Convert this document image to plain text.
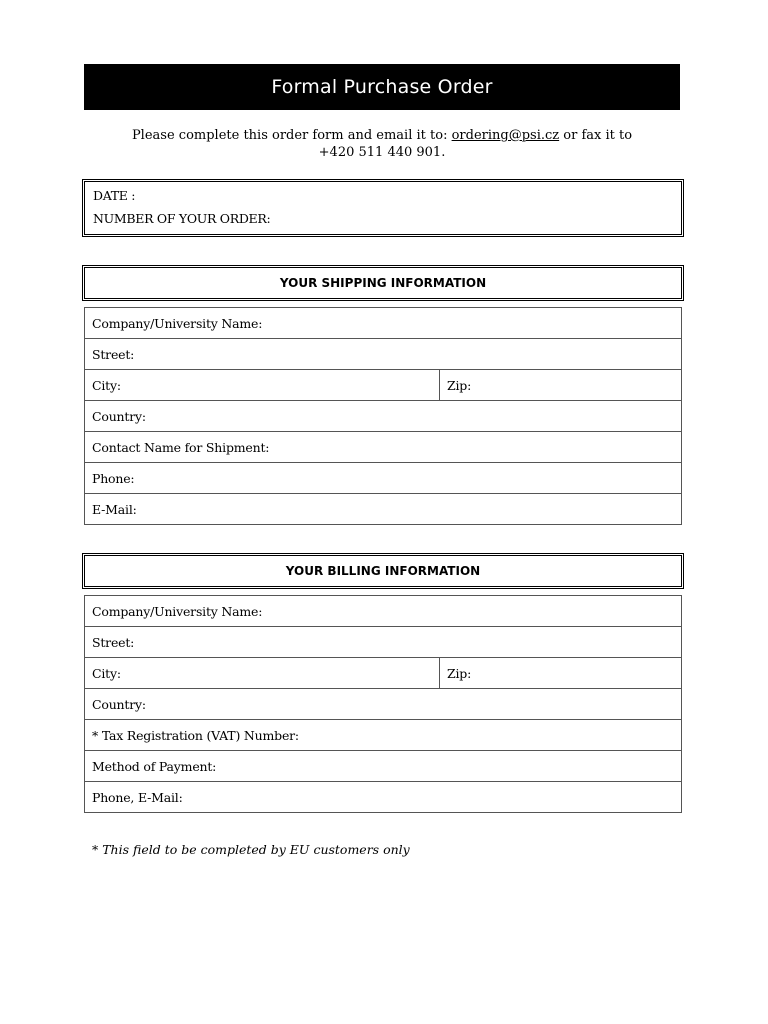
Formal Purchase Order
Please complete this order form and email it to: ordering@psi.cz or fax it to
+420 511 440 901.
DATE :
NUMBER OF YOUR ORDER:
YOUR SHIPPING INFORMATION
Company/University Name:
Street:
City:	Zip:
Country:
Contact Name for Shipment:
Phone:
E-Mail:
YOUR BILLING INFORMATION
Company/University Name:
Street:
City:	Zip:
Country:
* Tax Registration (VAT) Number:
Method of Payment:
Phone, E-Mail:
* This field to be completed by EU customers only
